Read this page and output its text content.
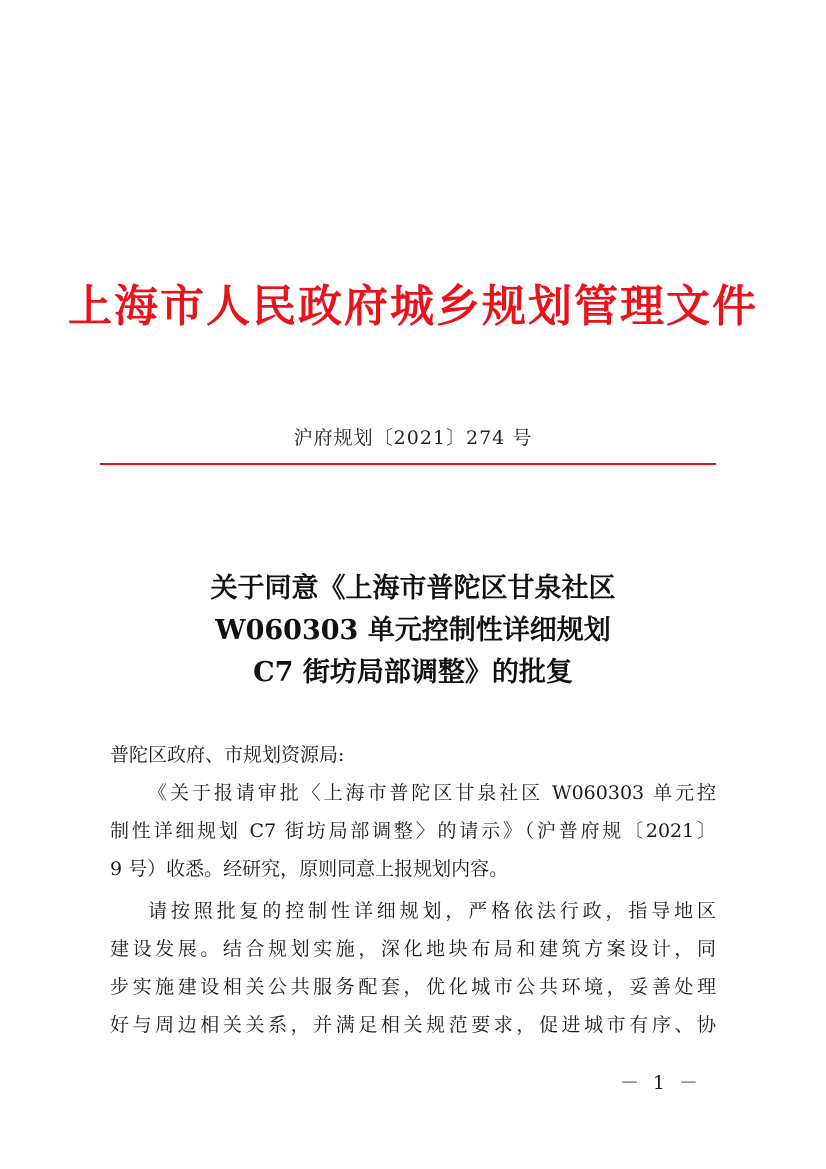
上海市人民政府城乡规划管理文件
沪府规划〔2021〕274 号
关于同意《上海市普陀区甘泉社区
W060303 单元控制性详细规划
C7 街坊局部调整》的批复

普陀区政府、市规划资源局:

《关于报请审批〈上海市普陀区甘泉社区 W060303 单元控

制性详细规划 C7 街坊局部调整〉的请示》（沪普府规〔2021〕

9 号）收悉。经研究，原则同意上报规划内容。

请按照批复的控制性详细规划，严格依法行政，指导地区

建设发展。结合规划实施，深化地块布局和建筑方案设计，同

步实施建设相关公共服务配套，优化城市公共环境，妥善处理

好与周边相关关系，并满足相关规范要求，促进城市有序、协

－ 1 －
